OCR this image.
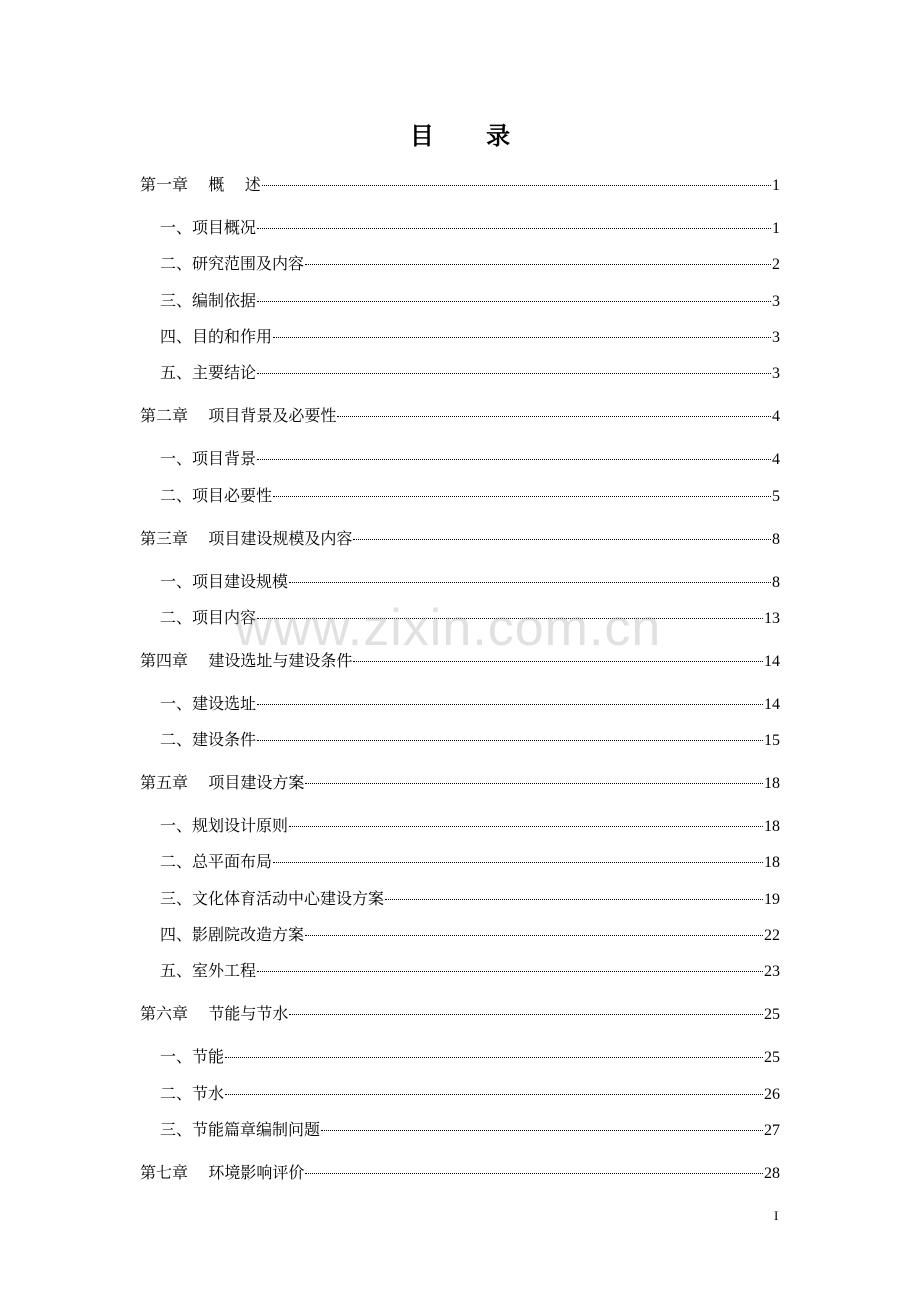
目 录
第一章    概    述	1
一、项目概况	1
二、研究范围及内容	2
三、编制依据	3
四、目的和作用	3
五、主要结论	3
第二章    项目背景及必要性	4
一、项目背景	4
二、项目必要性	5
第三章    项目建设规模及内容	8
一、项目建设规模	8
二、项目内容	13
第四章    建设选址与建设条件	14
一、建设选址	14
二、建设条件	15
第五章    项目建设方案	18
一、规划设计原则	18
二、总平面布局	18
三、文化体育活动中心建设方案	19
四、影剧院改造方案	22
五、室外工程	23
第六章    节能与节水	25
一、节能	25
二、节水	26
三、节能篇章编制问题	27
第七章    环境影响评价	28
www.zixin.com.cn
I
